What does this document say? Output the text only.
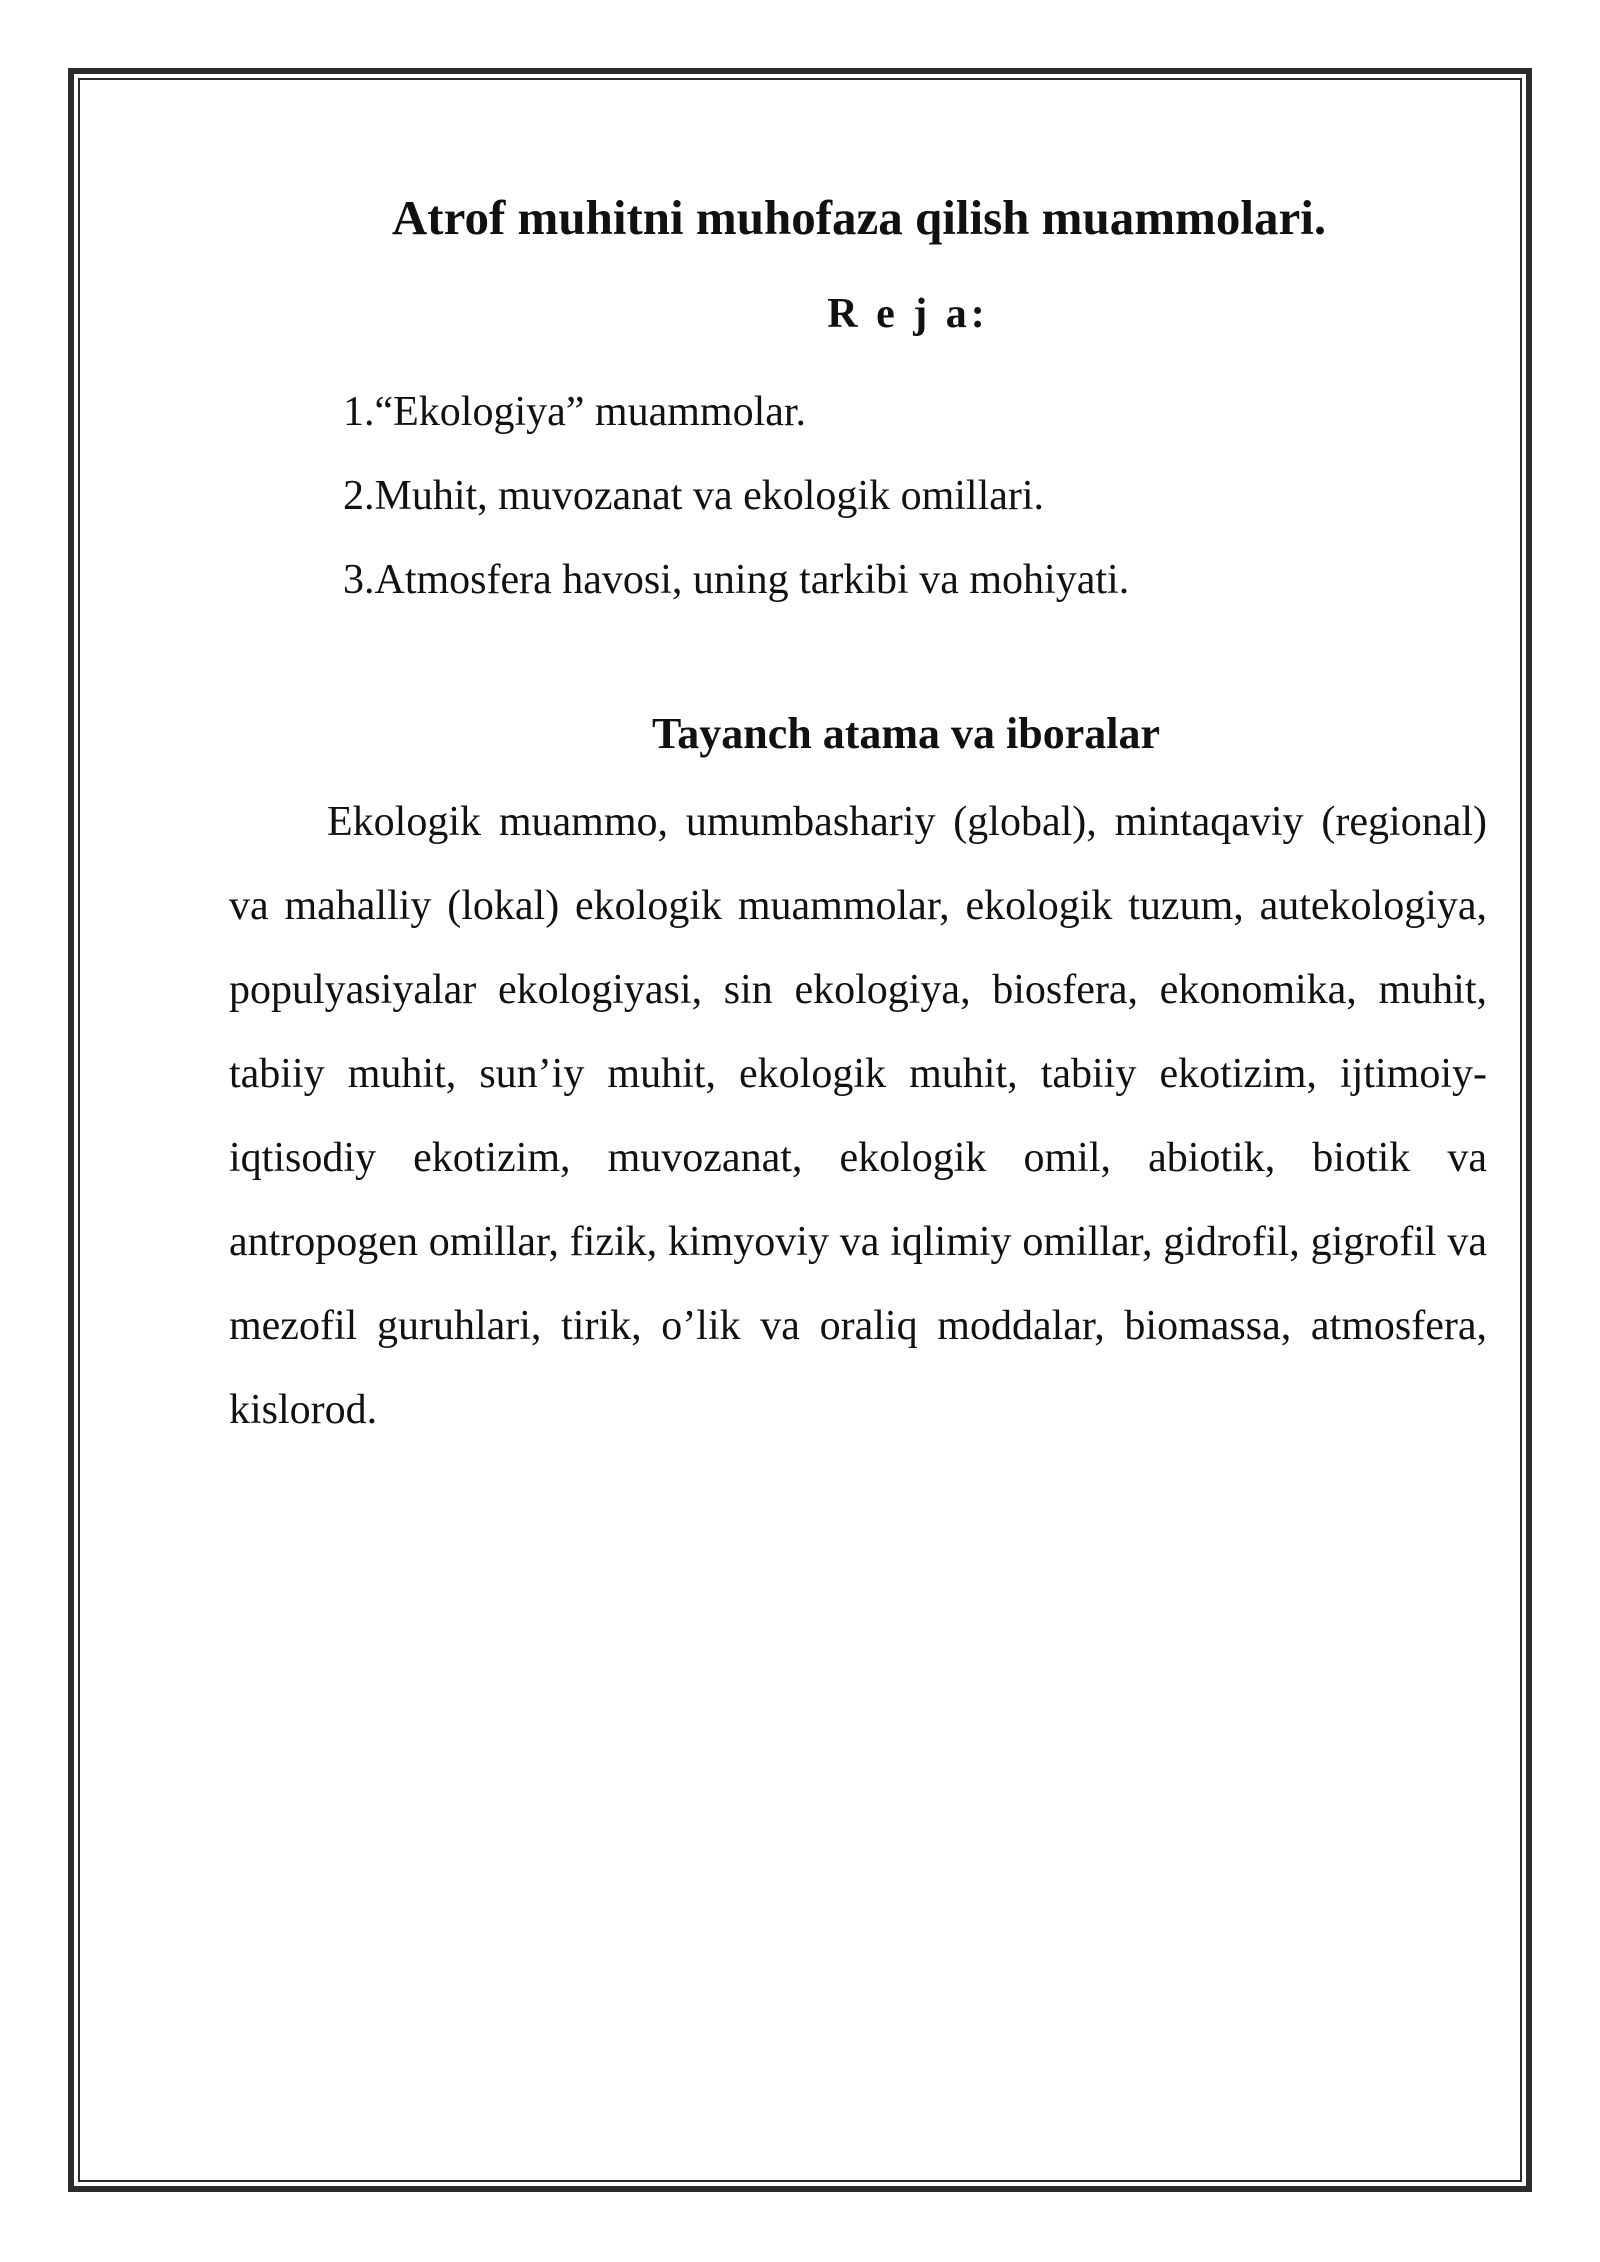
Atrof muhitni muhofaza qilish muammolari.
R e j a:
1.“Ekologiya” muammolar.
2.Muhit, muvozanat va ekologik omillari.
3.Atmosfera havosi, uning tarkibi va mohiyati.
Tayanch atama va iboralar

Ekologik muammo, umumbashariy (global), mintaqaviy (regional) va mahalliy (lokal) ekologik muammolar, ekologik tuzum, autekologiya, populyasiyalar ekologiyasi, sin ekologiya, biosfera, ekonomika, muhit, tabiiy muhit, sun’iy muhit, ekologik muhit, tabiiy ekotizim, ijtimoiy-iqtisodiy ekotizim, muvozanat, ekologik omil, abiotik, biotik va antropogen omillar, fizik, kimyoviy va iqlimiy omillar, gidrofil, gigrofil va mezofil guruhlari, tirik, o’lik va oraliq moddalar, biomassa, atmosfera, kislorod.
